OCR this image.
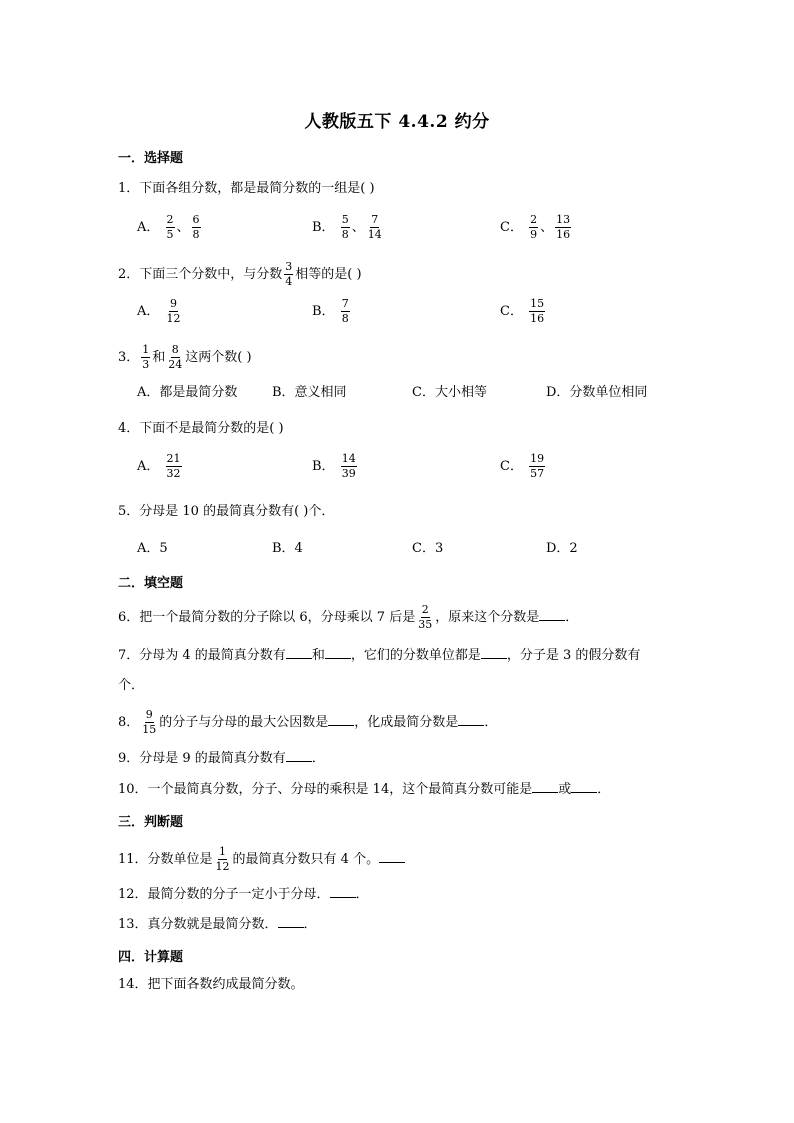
人教版五下 4.4.2 约分
一．选择题
1．下面各组分数，都是最简分数的一组是( )
A． $\frac{2}{5}$ 、 $\frac{6}{8}$	B． $\frac{5}{8}$ 、 $\frac{7}{14}$	C． $\frac{2}{9}$ 、 $\frac{13}{16}$
2．下面三个分数中，与分数 $\frac{3}{4}$ 相等的是( )
A． $\frac{9}{12}$	B． $\frac{7}{8}$	C． $\frac{15}{16}$
3． $\frac{1}{3}$ 和 $\frac{8}{24}$ 这两个数( )
A．都是最简分数	B．意义相同	C．大小相等	D．分数单位相同
4．下面不是最简分数的是( )
A． $\frac{21}{32}$	B． $\frac{14}{39}$	C． $\frac{19}{57}$
5．分母是 10 的最简真分数有( )个．
A．5	B．4	C．3	D．2
二．填空题
6．把一个最简分数的分子除以 6，分母乘以 7 后是 $\frac{2}{35}$ ，原来这个分数是 ．
7．分母为 4 的最简真分数有 和 ，它们的分数单位都是 ，分子是 3 的假分数有
个．
8． $\frac{9}{15}$ 的分子与分母的最大公因数是 ，化成最简分数是 ．
9．分母是 9 的最简真分数有 ．
10．一个最简真分数，分子、分母的乘积是 14，这个最简真分数可能是 或 ．
三．判断题
11．分数单位是 $\frac{1}{12}$ 的最简真分数只有 4 个。
12．最简分数的分子一定小于分母． ．
13．真分数就是最简分数． ．
四．计算题
14．把下面各数约成最简分数。
